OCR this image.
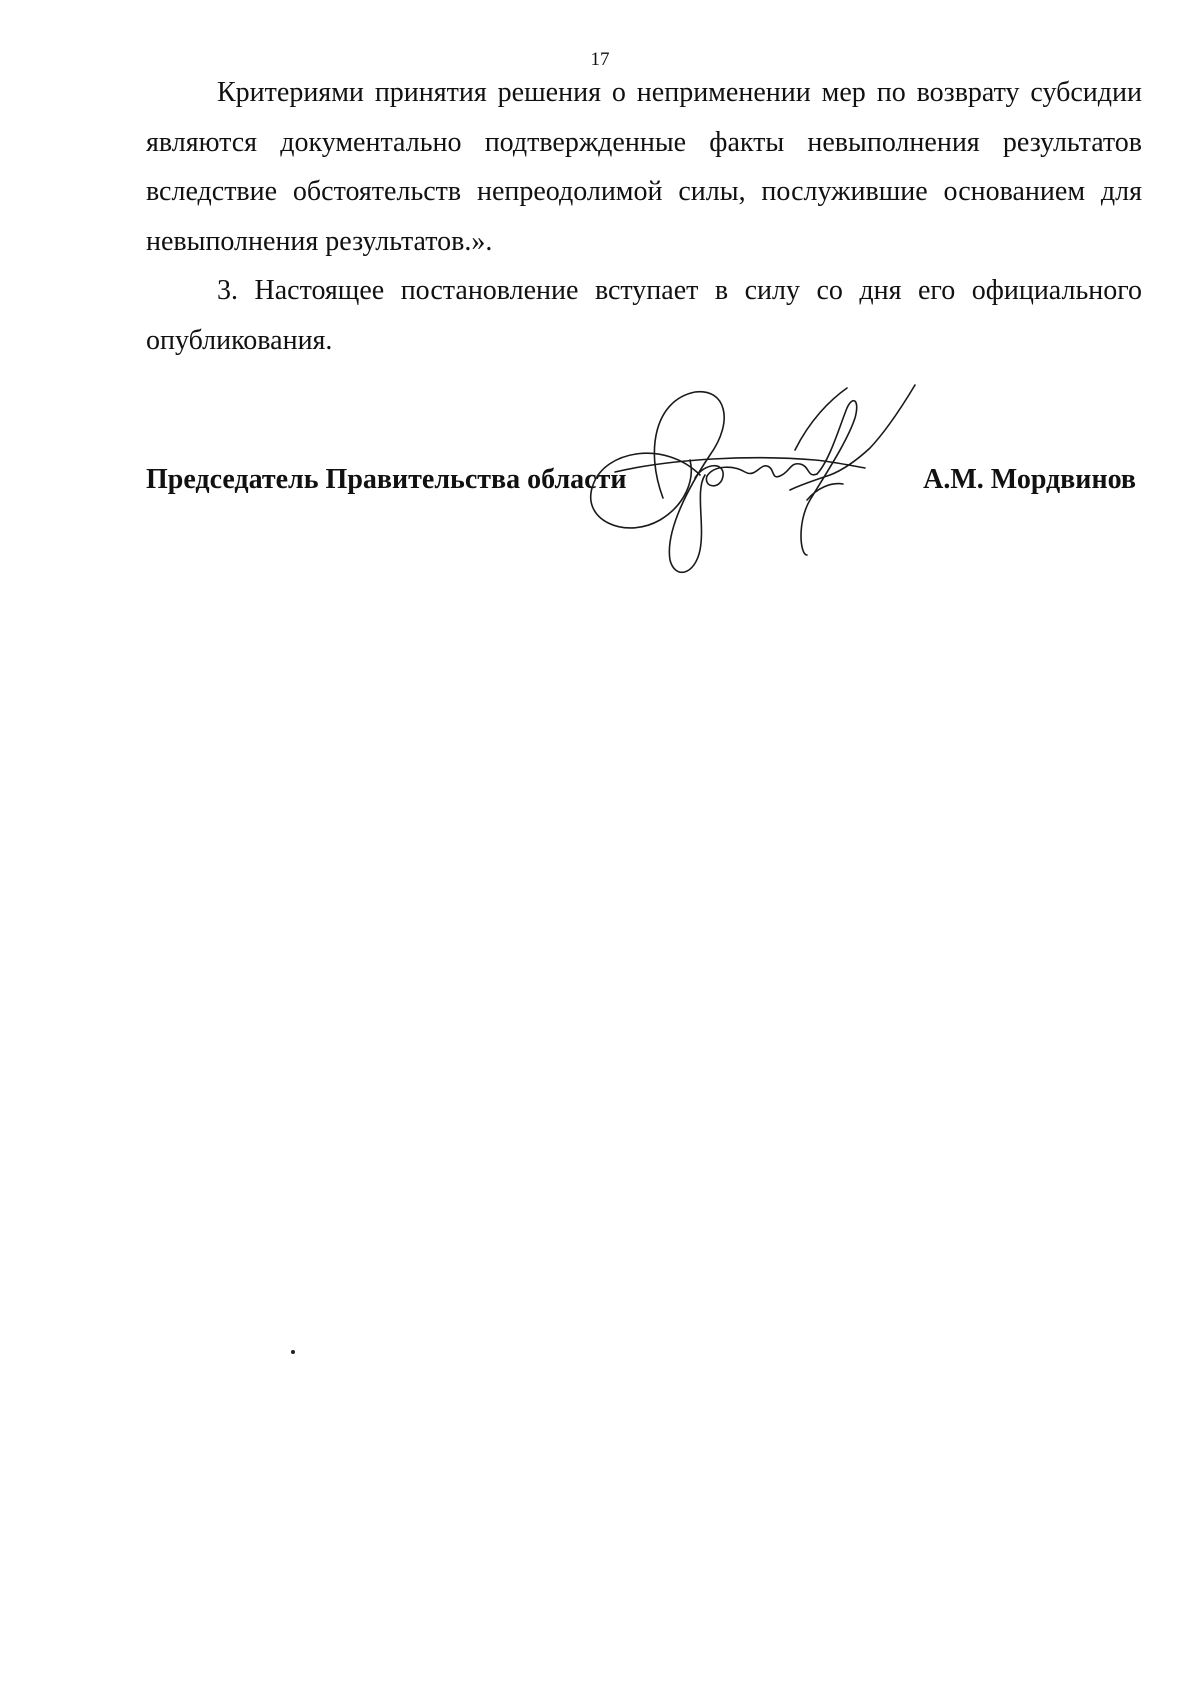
17

Критериями принятия решения о неприменении мер по возврату субсидии являются документально подтвержденные факты невыполнения результатов вследствие обстоятельств непреодолимой силы, послужившие основанием для невыполнения результатов.».

3. Настоящее постановление вступает в силу со дня его официального опубликования.

Председатель Правительства области	А.М. Мордвинов
